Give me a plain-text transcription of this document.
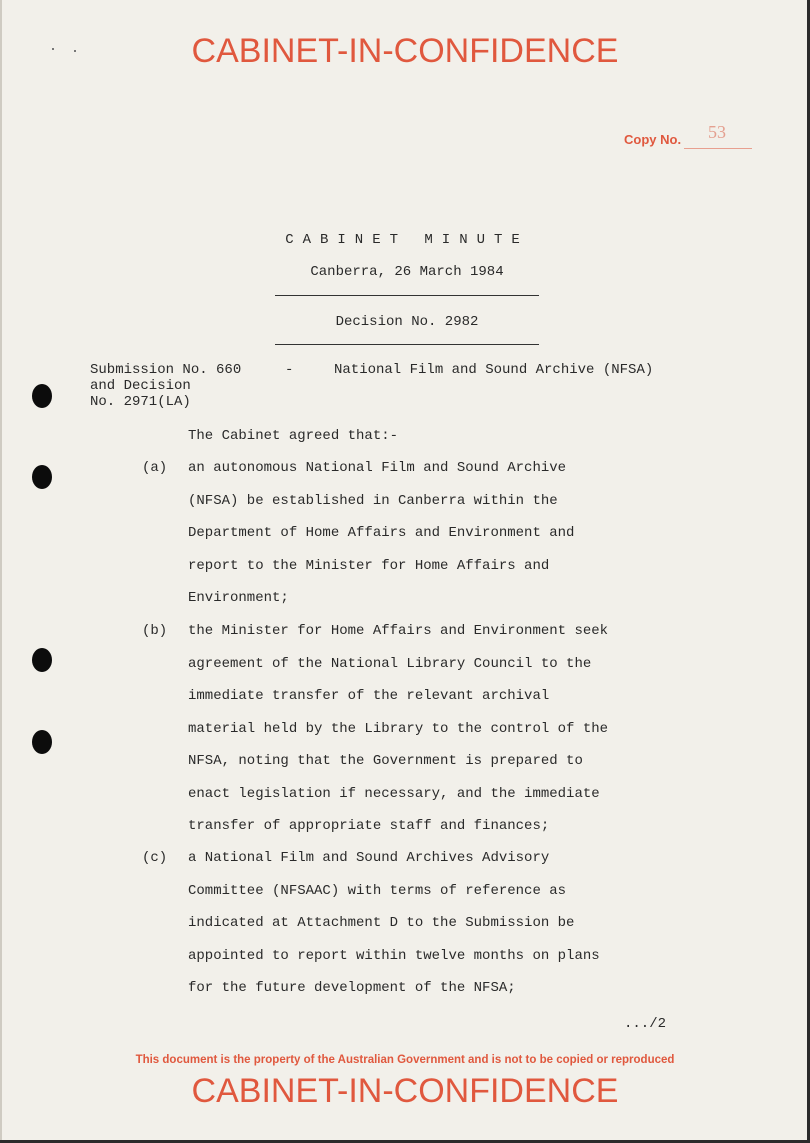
CABINET-IN-CONFIDENCE
Copy No. 53
CABINET MINUTE
Canberra, 26 March 1984
Decision No. 2982
Submission No. 660
and Decision
No. 2971(LA)
-	National Film and Sound Archive (NFSA)
The Cabinet agreed that:-
(a) an autonomous National Film and Sound Archive
(NFSA) be established in Canberra within the
Department of Home Affairs and Environment and
report to the Minister for Home Affairs and
Environment;
(b) the Minister for Home Affairs and Environment seek
agreement of the National Library Council to the
immediate transfer of the relevant archival
material held by the Library to the control of the
NFSA, noting that the Government is prepared to
enact legislation if necessary, and the immediate
transfer of appropriate staff and finances;
(c) a National Film and Sound Archives Advisory
Committee (NFSAAC) with terms of reference as
indicated at Attachment D to the Submission be
appointed to report within twelve months on plans
for the future development of the NFSA;
.../2
This document is the property of the Australian Government and is not to be copied or reproduced
CABINET-IN-CONFIDENCE
